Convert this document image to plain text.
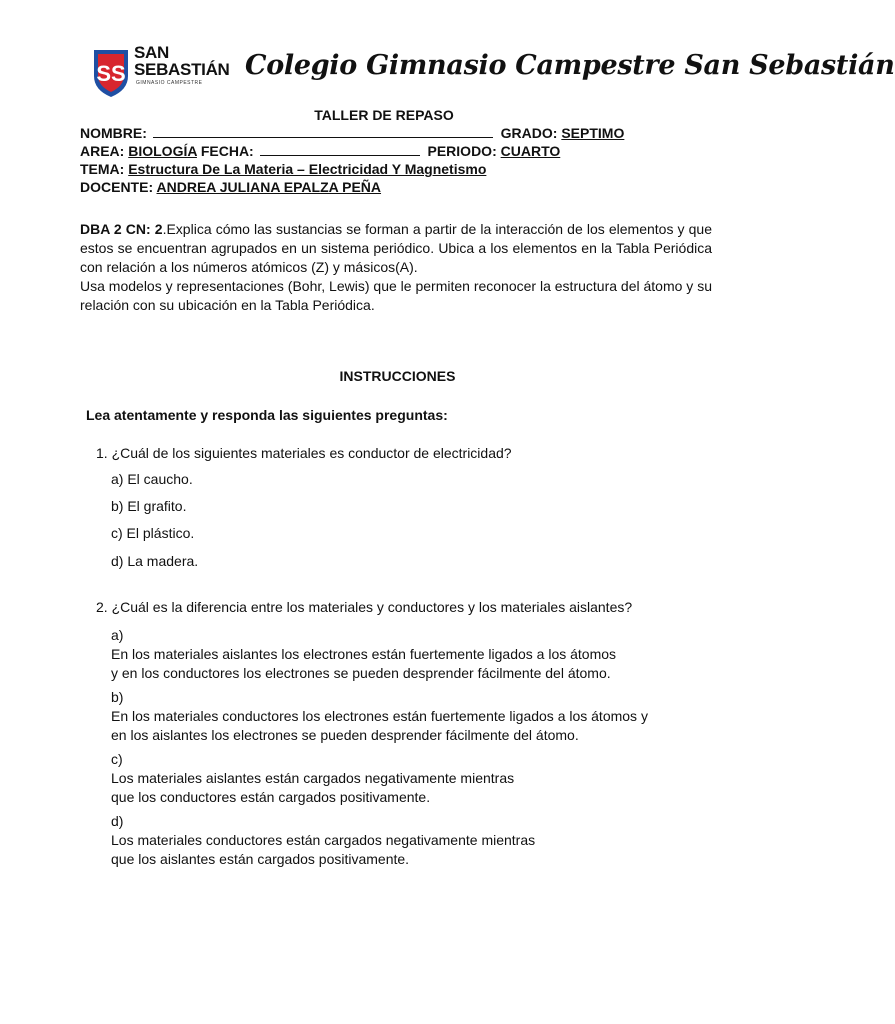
SS
SAN
SEBASTIÁN
GIMNASIO CAMPESTRE
Colegio Gimnasio Campestre San Sebastián
TALLER DE REPASO
NOMBRE:	GRADO: SEPTIMO
AREA: BIOLOGÍA FECHA:	PERIODO: CUARTO
TEMA: Estructura De La Materia – Electricidad Y Magnetismo
DOCENTE: ANDREA JULIANA EPALZA PEÑA

DBA 2 CN: 2.Explica cómo las sustancias se forman a partir de la interacción de los elementos y que estos se encuentran agrupados en un sistema periódico. Ubica a los elementos en la Tabla Periódica con relación a los números atómicos (Z) y másicos(A).

Usa modelos y representaciones (Bohr, Lewis) que le permiten reconocer la estructura del átomo y su relación con su ubicación en la Tabla Periódica.

INSTRUCCIONES
Lea atentamente y responda las siguientes preguntas:
1. ¿Cuál de los siguientes materiales es conductor de electricidad?
a) El caucho.
b) El grafito.
c) El plástico.
d) La madera.
2. ¿Cuál es la diferencia entre los materiales y conductores y los materiales aislantes?
a)
En los materiales aislantes los electrones están fuertemente ligados a los átomos
y en los conductores los electrones se pueden desprender fácilmente del átomo.
b)
En los materiales conductores los electrones están fuertemente ligados a los átomos y
en los aislantes los electrones se pueden desprender fácilmente del átomo.
c)
Los materiales aislantes están cargados negativamente mientras
que los conductores están cargados positivamente.
d)
Los materiales conductores están cargados negativamente mientras
que los aislantes están cargados positivamente.
